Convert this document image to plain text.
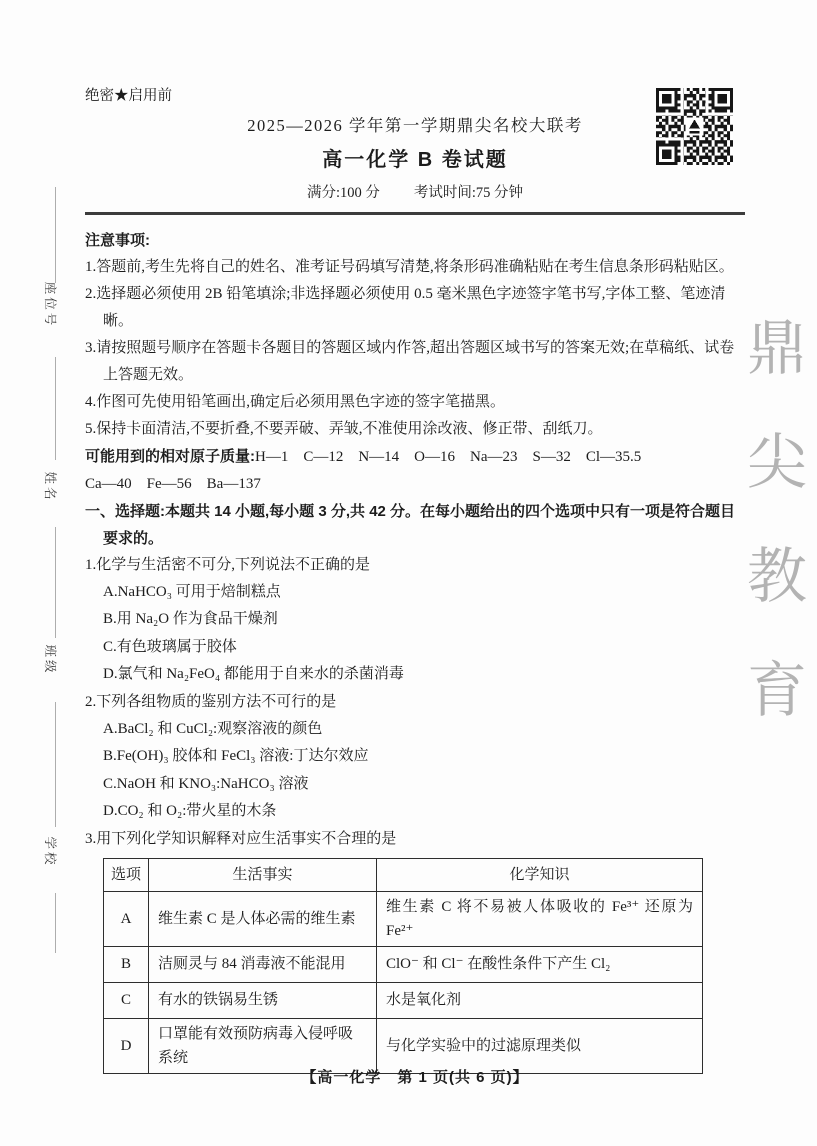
座位号
姓名
班级
学校
鼎
尖
教
育
绝密★启用前
2025—2026 学年第一学期鼎尖名校大联考
高一化学 B 卷试题
满分:100 分 考试时间:75 分钟
注意事项:
1.答题前,考生先将自己的姓名、准考证号码填写清楚,将条形码准确粘贴在考生信息条形码粘贴区。
2.选择题必须使用 2B 铅笔填涂;非选择题必须使用 0.5 毫米黑色字迹签字笔书写,字体工整、笔迹清晰。
3.请按照题号顺序在答题卡各题目的答题区域内作答,超出答题区域书写的答案无效;在草稿纸、试卷上答题无效。
4.作图可先使用铅笔画出,确定后必须用黑色字迹的签字笔描黑。
5.保持卡面清洁,不要折叠,不要弄破、弄皱,不准使用涂改液、修正带、刮纸刀。
可能用到的相对原子质量:H—1　C—12　N—14　O—16　Na—23　S—32　Cl—35.5
Ca—40　Fe—56　Ba—137
一、选择题:本题共 14 小题,每小题 3 分,共 42 分。在每小题给出的四个选项中只有一项是符合题目要求的。
1.化学与生活密不可分,下列说法不正确的是
A.NaHCO₃ 可用于焙制糕点
B.用 Na₂O 作为食品干燥剂
C.有色玻璃属于胶体
D.氯气和 Na₂FeO₄ 都能用于自来水的杀菌消毒
2.下列各组物质的鉴别方法不可行的是
A.BaCl₂ 和 CuCl₂:观察溶液的颜色
B.Fe(OH)₃ 胶体和 FeCl₃ 溶液:丁达尔效应
C.NaOH 和 KNO₃:NaHCO₃ 溶液
D.CO₂ 和 O₂:带火星的木条
3.用下列化学知识解释对应生活事实不合理的是
选项	生活事实	化学知识
A	维生素 C 是人体必需的维生素	维生素 C 将不易被人体吸收的 Fe³⁺ 还原为 Fe²⁺
B	洁厕灵与 84 消毒液不能混用	ClO⁻ 和 Cl⁻ 在酸性条件下产生 Cl₂
C	有水的铁锅易生锈	水是氧化剂
D	口罩能有效预防病毒入侵呼吸系统	与化学实验中的过滤原理类似
【高一化学　第 1 页(共 6 页)】
